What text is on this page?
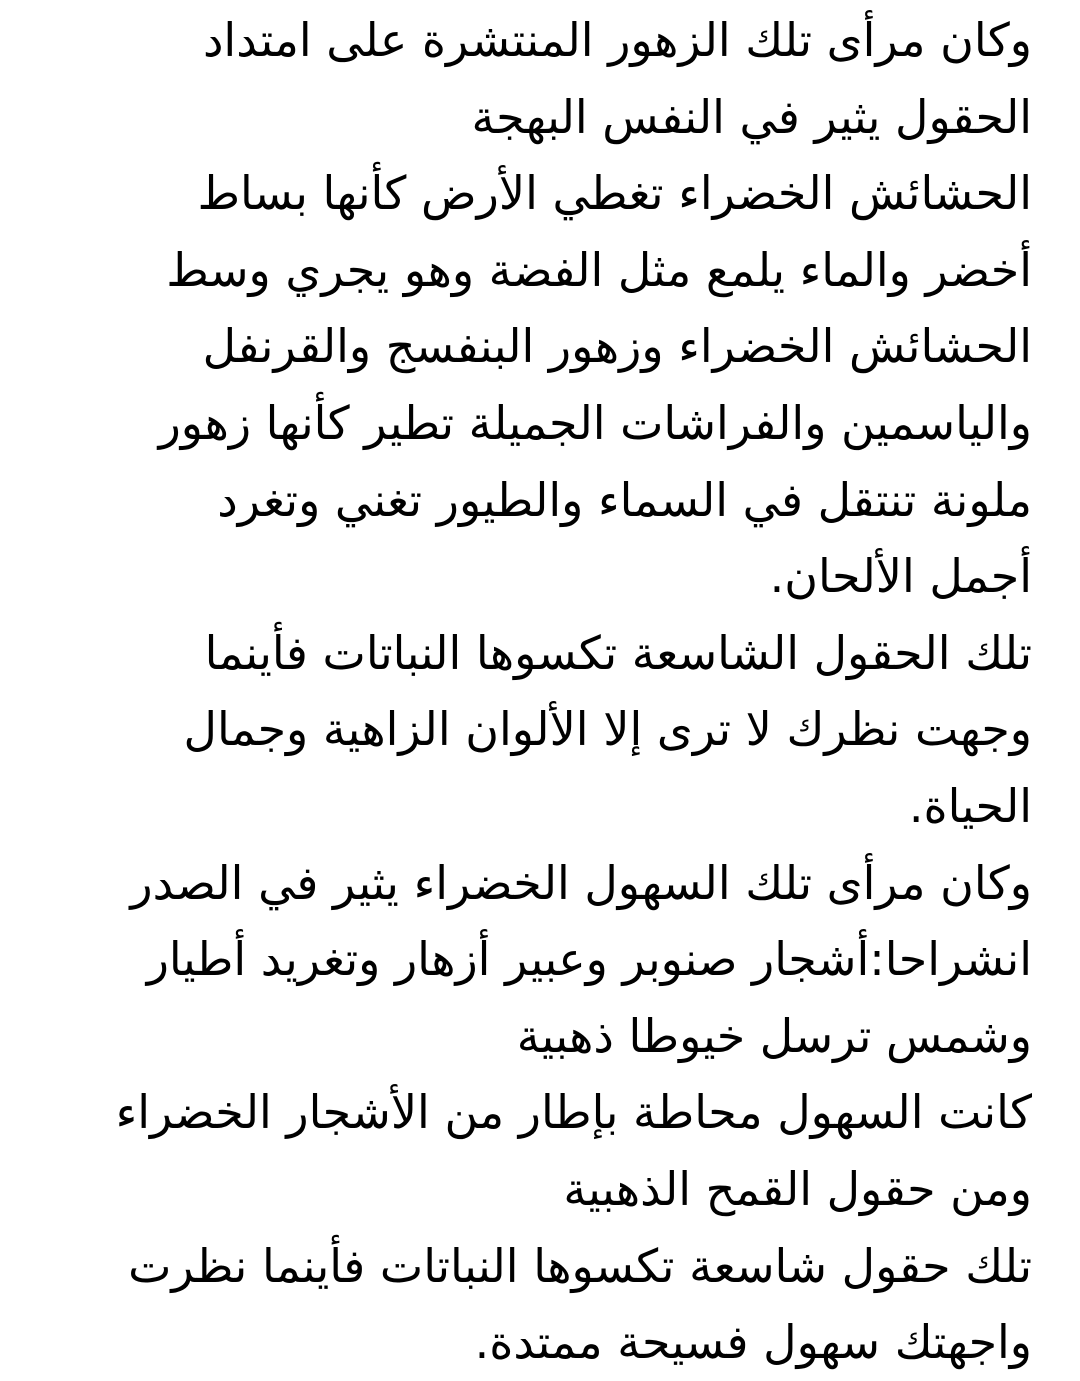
وكان مرأى تلك الزهور المنتشرة على امتداد
الحقول يثير في النفس البهجة
الحشائش الخضراء تغطي الأرض كأنها بساط
أخضر والماء يلمع مثل الفضة وهو يجري وسط
الحشائش الخضراء وزهور البنفسج والقرنفل
والياسمين والفراشات الجميلة تطير كأنها زهور
ملونة تنتقل في السماء والطيور تغني وتغرد
أجمل الألحان.
تلك الحقول الشاسعة تكسوها النباتات فأينما
وجهت نظرك لا ترى إلا الألوان الزاهية وجمال
الحياة.
وكان مرأى تلك السهول الخضراء يثير في الصدر
انشراحا:أشجار صنوبر وعبير أزهار وتغريد أطيار
وشمس ترسل خيوطا ذهبية
كانت السهول محاطة بإطار من الأشجار الخضراء
ومن حقول القمح الذهبية
تلك حقول شاسعة تكسوها النباتات فأينما نظرت
واجهتك سهول فسيحة ممتدة.
